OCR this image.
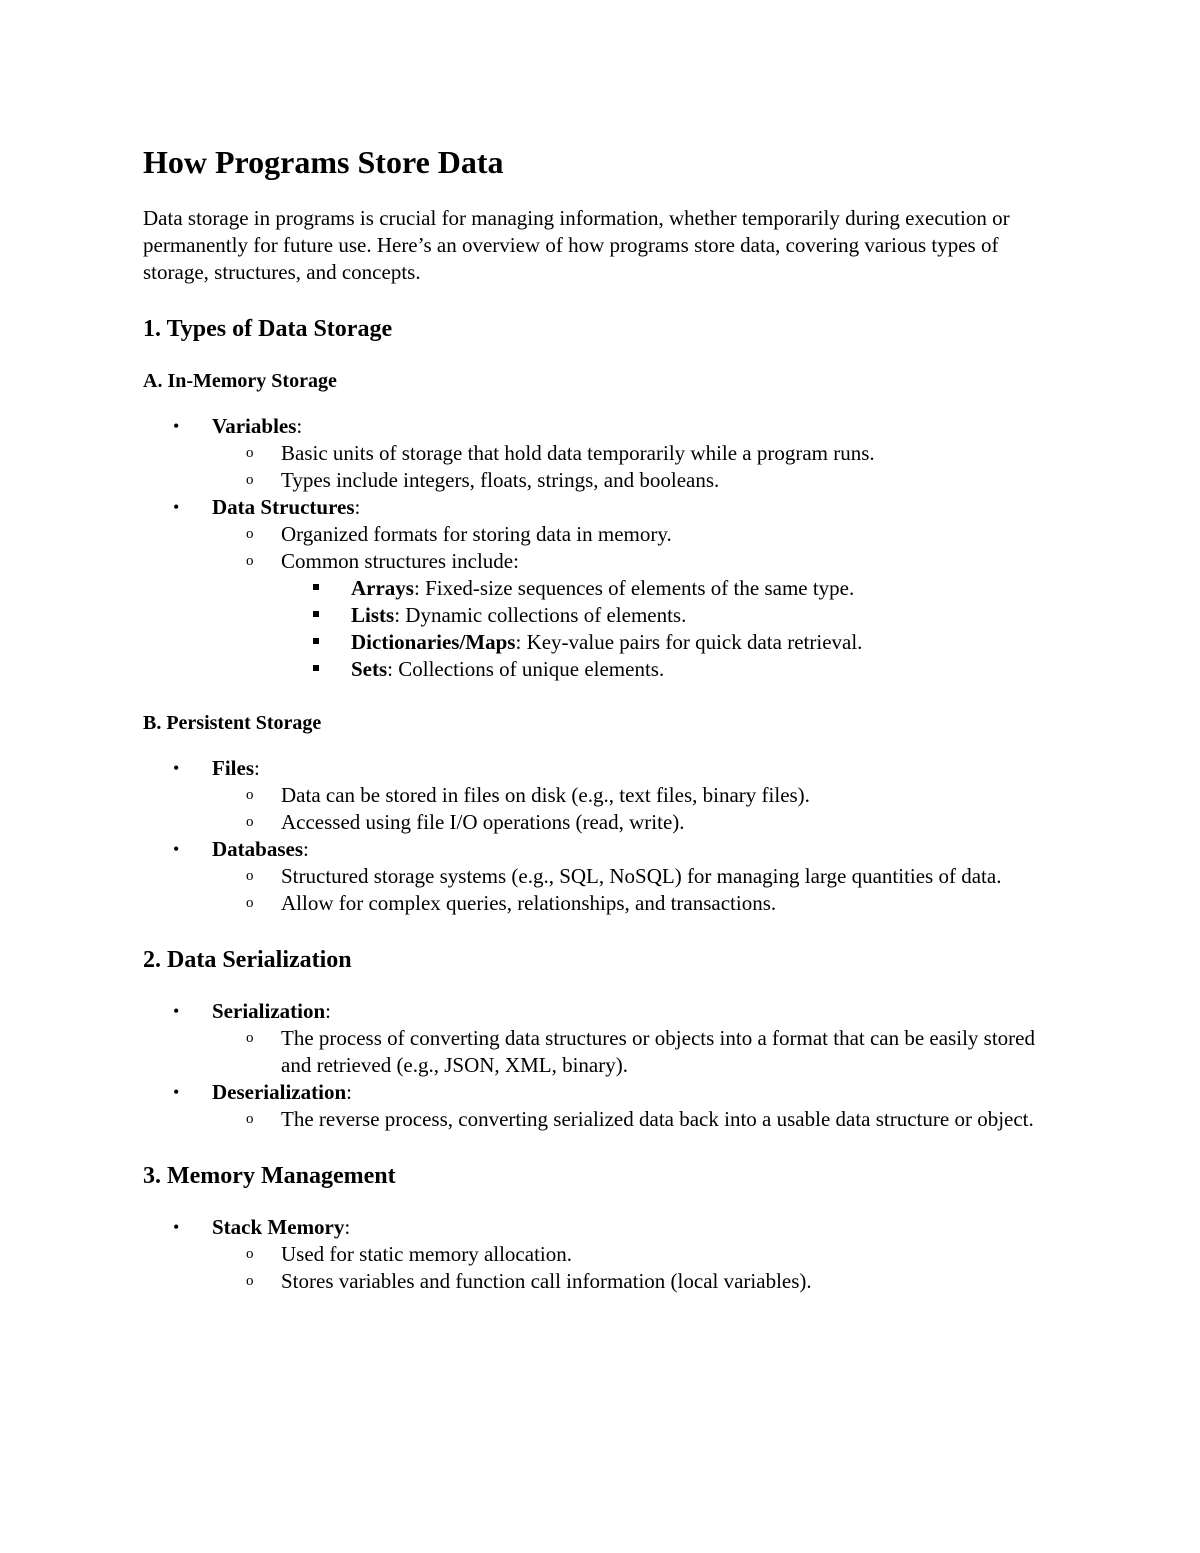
How Programs Store Data

Data storage in programs is crucial for managing information, whether temporarily during execution or permanently for future use. Here’s an overview of how programs store data, covering various types of storage, structures, and concepts.

1. Types of Data Storage
A. In-Memory Storage
• Variables:
o Basic units of storage that hold data temporarily while a program runs.
o Types include integers, floats, strings, and booleans.
• Data Structures:
o Organized formats for storing data in memory.
o Common structures include:
Arrays: Fixed-size sequences of elements of the same type.
Lists: Dynamic collections of elements.
Dictionaries/Maps: Key-value pairs for quick data retrieval.
Sets: Collections of unique elements.
B. Persistent Storage
• Files:
o Data can be stored in files on disk (e.g., text files, binary files).
o Accessed using file I/O operations (read, write).
• Databases:
o Structured storage systems (e.g., SQL, NoSQL) for managing large quantities of data.
o Allow for complex queries, relationships, and transactions.
2. Data Serialization
• Serialization:
o The process of converting data structures or objects into a format that can be easily stored and retrieved (e.g., JSON, XML, binary).
• Deserialization:
o The reverse process, converting serialized data back into a usable data structure or object.
3. Memory Management
• Stack Memory:
o Used for static memory allocation.
o Stores variables and function call information (local variables).
